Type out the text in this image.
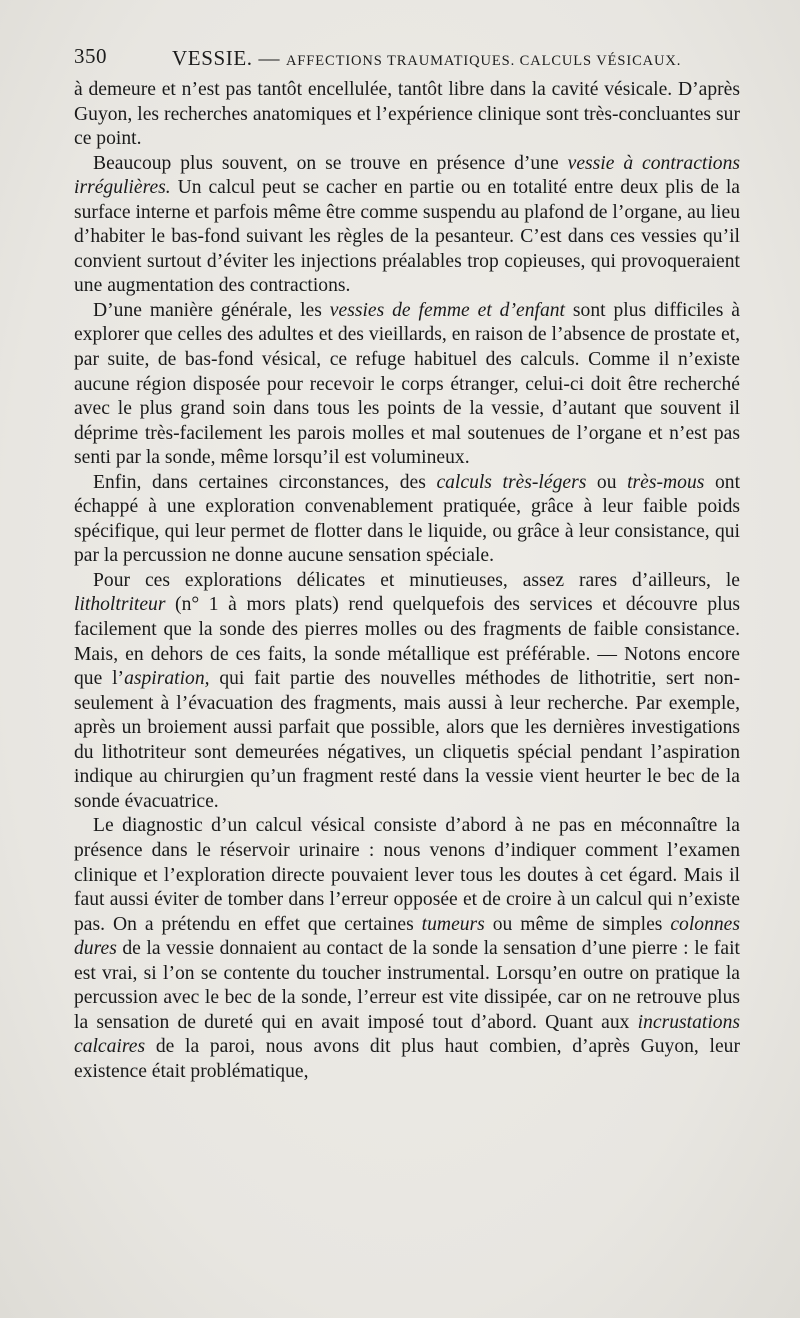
350	VESSIE. — AFFECTIONS TRAUMATIQUES. CALCULS VÉSICAUX.

à demeure et n’est pas tantôt encellulée, tantôt libre dans la cavité vésicale. D’après Guyon, les recherches anatomiques et l’expérience clinique sont très-concluantes sur ce point.

Beaucoup plus souvent, on se trouve en présence d’une vessie à contractions irrégulières. Un calcul peut se cacher en partie ou en totalité entre deux plis de la surface interne et parfois même être comme suspendu au plafond de l’organe, au lieu d’habiter le bas-fond suivant les règles de la pesanteur. C’est dans ces vessies qu’il convient surtout d’éviter les injections préalables trop copieuses, qui provoqueraient une augmentation des contractions.

D’une manière générale, les vessies de femme et d’enfant sont plus difficiles à explorer que celles des adultes et des vieillards, en raison de l’absence de prostate et, par suite, de bas-fond vésical, ce refuge habituel des calculs. Comme il n’existe aucune région disposée pour recevoir le corps étranger, celui-ci doit être recherché avec le plus grand soin dans tous les points de la vessie, d’autant que souvent il déprime très-facilement les parois molles et mal soutenues de l’organe et n’est pas senti par la sonde, même lorsqu’il est volumineux.

Enfin, dans certaines circonstances, des calculs très-légers ou très-mous ont échappé à une exploration convenablement pratiquée, grâce à leur faible poids spécifique, qui leur permet de flotter dans le liquide, ou grâce à leur consistance, qui par la percussion ne donne aucune sensation spéciale.

Pour ces explorations délicates et minutieuses, assez rares d’ailleurs, le litholtriteur (n° 1 à mors plats) rend quelquefois des services et découvre plus facilement que la sonde des pierres molles ou des fragments de faible consistance. Mais, en dehors de ces faits, la sonde métallique est préférable. — Notons encore que l’aspiration, qui fait partie des nouvelles méthodes de lithotritie, sert non-seulement à l’évacuation des fragments, mais aussi à leur recherche. Par exemple, après un broiement aussi parfait que possible, alors que les dernières investigations du lithotriteur sont demeurées négatives, un cliquetis spécial pendant l’aspiration indique au chirurgien qu’un fragment resté dans la vessie vient heurter le bec de la sonde évacuatrice.

Le diagnostic d’un calcul vésical consiste d’abord à ne pas en méconnaître la présence dans le réservoir urinaire : nous venons d’indiquer comment l’examen clinique et l’exploration directe pouvaient lever tous les doutes à cet égard. Mais il faut aussi éviter de tomber dans l’erreur opposée et de croire à un calcul qui n’existe pas. On a prétendu en effet que certaines tumeurs ou même de simples colonnes dures de la vessie donnaient au contact de la sonde la sensation d’une pierre : le fait est vrai, si l’on se contente du toucher instrumental. Lorsqu’en outre on pratique la percussion avec le bec de la sonde, l’erreur est vite dissipée, car on ne retrouve plus la sensation de dureté qui en avait imposé tout d’abord. Quant aux incrustations calcaires de la paroi, nous avons dit plus haut combien, d’après Guyon, leur existence était problématique,
